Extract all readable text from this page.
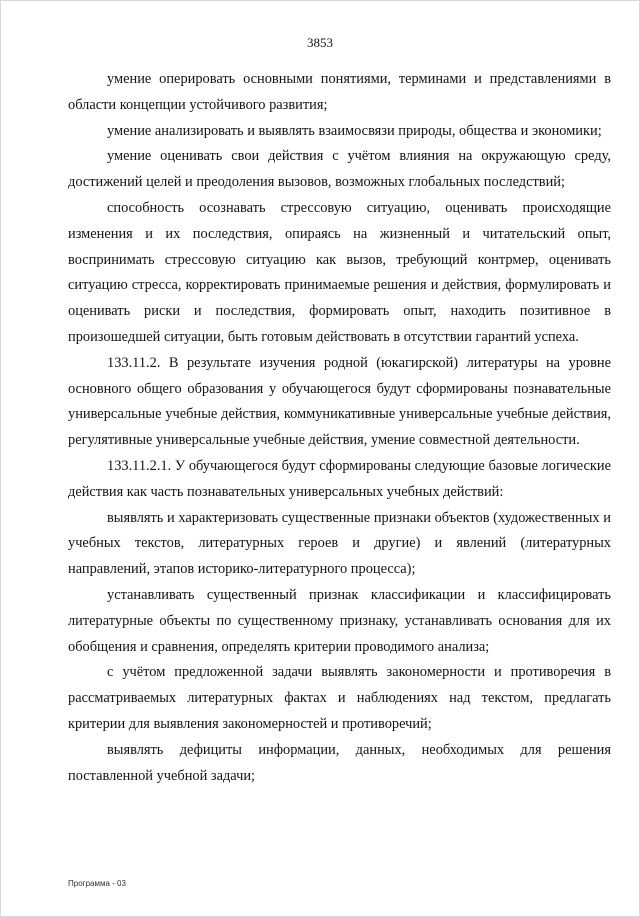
3853

умение оперировать основными понятиями, терминами и представлениями в области концепции устойчивого развития;

умение анализировать и выявлять взаимосвязи природы, общества и экономики;

умение оценивать свои действия с учётом влияния на окружающую среду, достижений целей и преодоления вызовов, возможных глобальных последствий;

способность осознавать стрессовую ситуацию, оценивать происходящие изменения и их последствия, опираясь на жизненный и читательский опыт, воспринимать стрессовую ситуацию как вызов, требующий контрмер, оценивать ситуацию стресса, корректировать принимаемые решения и действия, формулировать и оценивать риски и последствия, формировать опыт, находить позитивное в произошедшей ситуации, быть готовым действовать в отсутствии гарантий успеха.

133.11.2. В результате изучения родной (юкагирской) литературы на уровне основного общего образования у обучающегося будут сформированы познавательные универсальные учебные действия, коммуникативные универсальные учебные действия, регулятивные универсальные учебные действия, умение совместной деятельности.

133.11.2.1. У обучающегося будут сформированы следующие базовые логические действия как часть познавательных универсальных учебных действий:

выявлять и характеризовать существенные признаки объектов (художественных и учебных текстов, литературных героев и другие) и явлений (литературных направлений, этапов историко-литературного процесса);

устанавливать существенный признак классификации и классифицировать литературные объекты по существенному признаку, устанавливать основания для их обобщения и сравнения, определять критерии проводимого анализа;

с учётом предложенной задачи выявлять закономерности и противоречия в рассматриваемых литературных фактах и наблюдениях над текстом, предлагать критерии для выявления закономерностей и противоречий;

выявлять дефициты информации, данных, необходимых для решения поставленной учебной задачи;

Программа - 03
